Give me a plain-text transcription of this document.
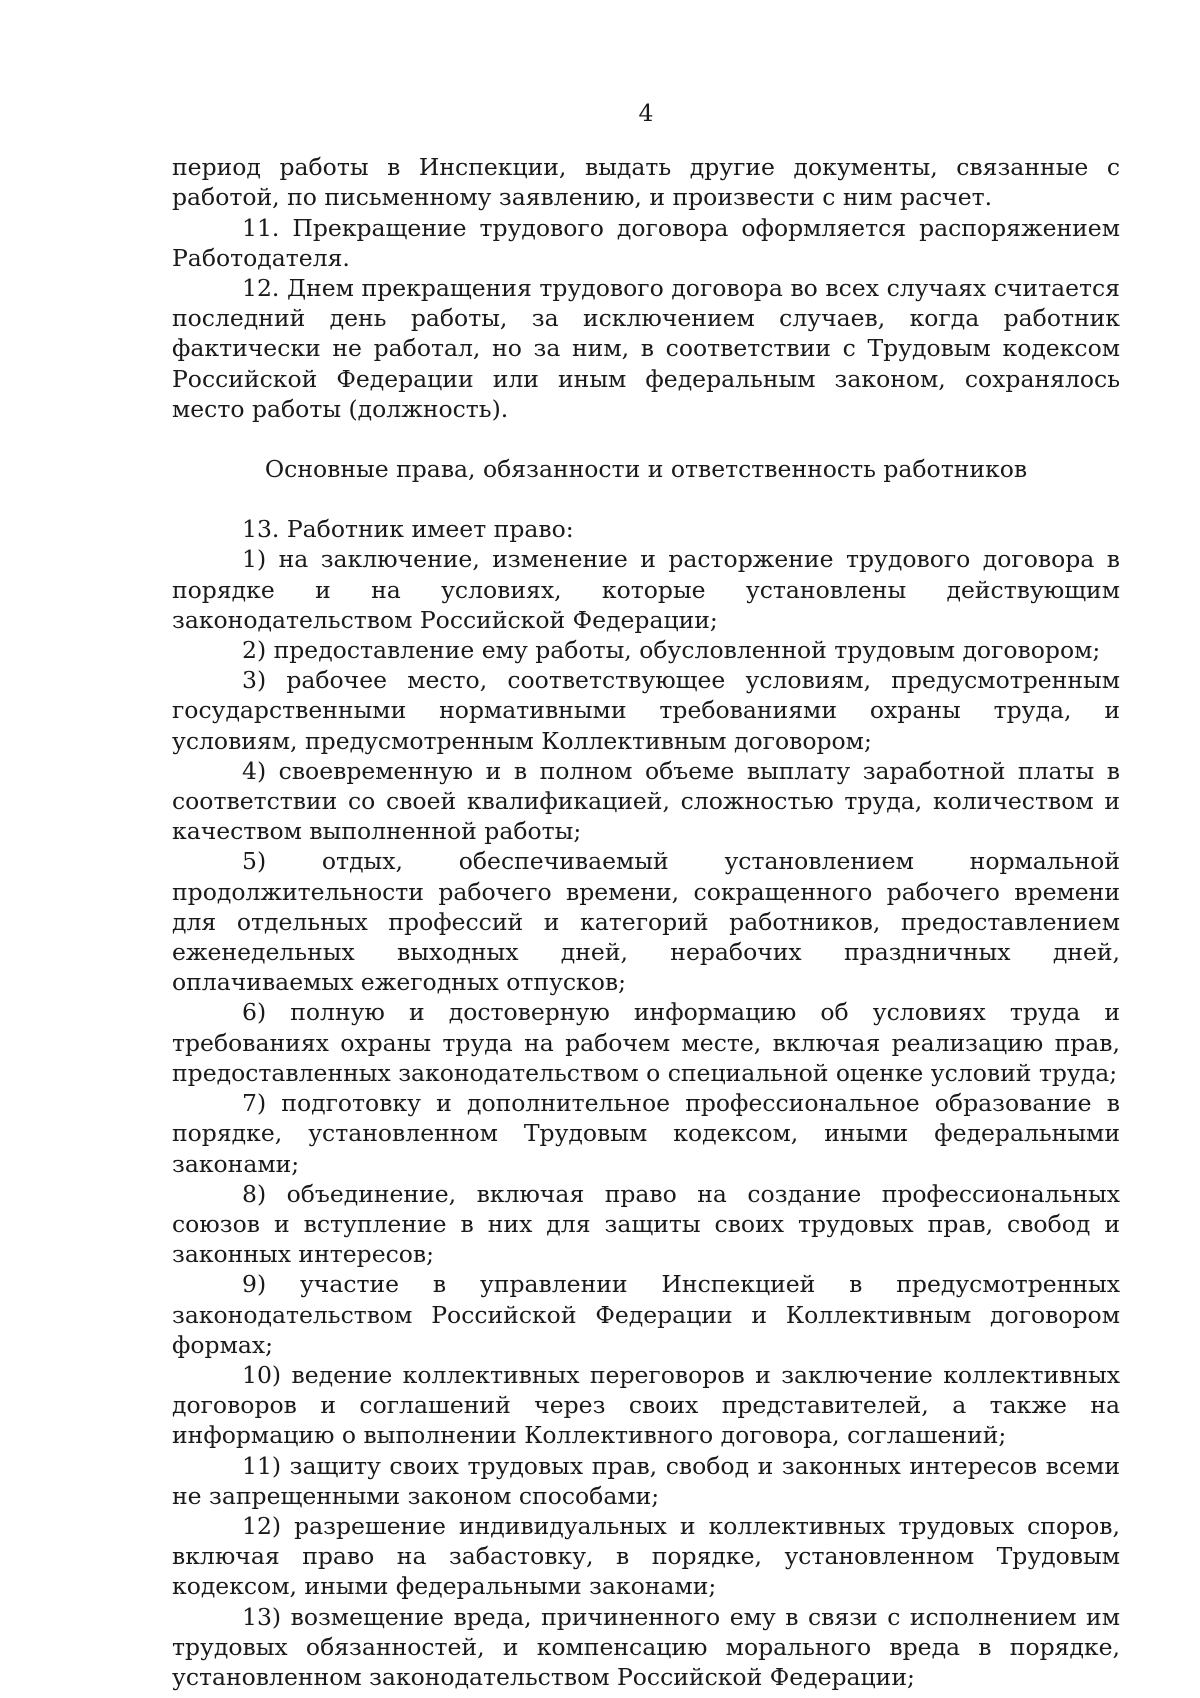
4

период работы в Инспекции, выдать другие документы, связанные с работой, по письменному заявлению, и произвести с ним расчет.

11. Прекращение трудового договора оформляется распоряжением Работодателя.

12. Днем прекращения трудового договора во всех случаях считается последний день работы, за исключением случаев, когда работник фактически не работал, но за ним, в соответствии с Трудовым кодексом Российской Федерации или иным федеральным законом, сохранялось место работы (должность).

Основные права, обязанности и ответственность работников

13. Работник имеет право:

1) на заключение, изменение и расторжение трудового договора в порядке и на условиях, которые установлены действующим законодательством Российской Федерации;

2) предоставление ему работы, обусловленной трудовым договором;

3) рабочее место, соответствующее условиям, предусмотренным государственными нормативными требованиями охраны труда, и условиям, предусмотренным Коллективным договором;

4) своевременную и в полном объеме выплату заработной платы в соответствии со своей квалификацией, сложностью труда, количеством и качеством выполненной работы;

5) отдых, обеспечиваемый установлением нормальной продолжительности рабочего времени, сокращенного рабочего времени для отдельных профессий и категорий работников, предоставлением еженедельных выходных дней, нерабочих праздничных дней, оплачиваемых ежегодных отпусков;

6) полную и достоверную информацию об условиях труда и требованиях охраны труда на рабочем месте, включая реализацию прав, предоставленных законодательством о специальной оценке условий труда;

7) подготовку и дополнительное профессиональное образование в порядке, установленном Трудовым кодексом, иными федеральными законами;

8) объединение, включая право на создание профессиональных союзов и вступление в них для защиты своих трудовых прав, свобод и законных интересов;

9) участие в управлении Инспекцией в предусмотренных законодательством Российской Федерации и Коллективным договором формах;

10) ведение коллективных переговоров и заключение коллективных договоров и соглашений через своих представителей, а также на информацию о выполнении Коллективного договора, соглашений;

11) защиту своих трудовых прав, свобод и законных интересов всеми не запрещенными законом способами;

12) разрешение индивидуальных и коллективных трудовых споров, включая право на забастовку, в порядке, установленном Трудовым кодексом, иными федеральными законами;

13) возмещение вреда, причиненного ему в связи с исполнением им трудовых обязанностей, и компенсацию морального вреда в порядке, установленном законодательством Российской Федерации;
